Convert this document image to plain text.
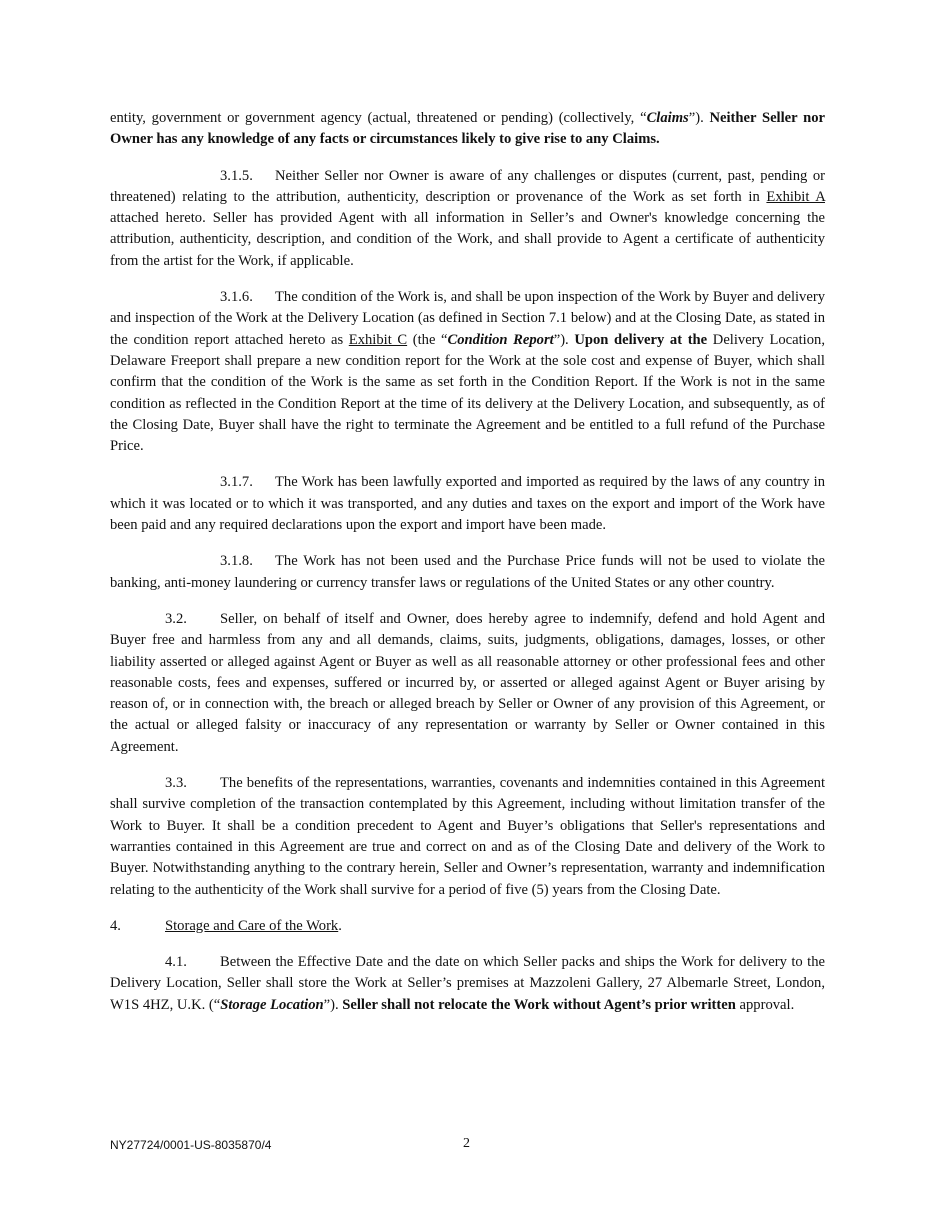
entity, government or government agency (actual, threatened or pending) (collectively, “Claims”). Neither Seller nor Owner has any knowledge of any facts or circumstances likely to give rise to any Claims.

3.1.5. Neither Seller nor Owner is aware of any challenges or disputes (current, past, pending or threatened) relating to the attribution, authenticity, description or provenance of the Work as set forth in Exhibit A attached hereto. Seller has provided Agent with all information in Seller’s and Owner's knowledge concerning the attribution, authenticity, description, and condition of the Work, and shall provide to Agent a certificate of authenticity from the artist for the Work, if applicable.

3.1.6. The condition of the Work is, and shall be upon inspection of the Work by Buyer and delivery and inspection of the Work at the Delivery Location (as defined in Section 7.1 below) and at the Closing Date, as stated in the condition report attached hereto as Exhibit C (the “Condition Report”). Upon delivery at the Delivery Location, Delaware Freeport shall prepare a new condition report for the Work at the sole cost and expense of Buyer, which shall confirm that the condition of the Work is the same as set forth in the Condition Report. If the Work is not in the same condition as reflected in the Condition Report at the time of its delivery at the Delivery Location, and subsequently, as of the Closing Date, Buyer shall have the right to terminate the Agreement and be entitled to a full refund of the Purchase Price.

3.1.7. The Work has been lawfully exported and imported as required by the laws of any country in which it was located or to which it was transported, and any duties and taxes on the export and import of the Work have been paid and any required declarations upon the export and import have been made.

3.1.8. The Work has not been used and the Purchase Price funds will not be used to violate the banking, anti-money laundering or currency transfer laws or regulations of the United States or any other country.

3.2. Seller, on behalf of itself and Owner, does hereby agree to indemnify, defend and hold Agent and Buyer free and harmless from any and all demands, claims, suits, judgments, obligations, damages, losses, or other liability asserted or alleged against Agent or Buyer as well as all reasonable attorney or other professional fees and other reasonable costs, fees and expenses, suffered or incurred by, or asserted or alleged against Agent or Buyer arising by reason of, or in connection with, the breach or alleged breach by Seller or Owner of any provision of this Agreement, or the actual or alleged falsity or inaccuracy of any representation or warranty by Seller or Owner contained in this Agreement.

3.3. The benefits of the representations, warranties, covenants and indemnities contained in this Agreement shall survive completion of the transaction contemplated by this Agreement, including without limitation transfer of the Work to Buyer. It shall be a condition precedent to Agent and Buyer’s obligations that Seller's representations and warranties contained in this Agreement are true and correct on and as of the Closing Date and delivery of the Work to Buyer. Notwithstanding anything to the contrary herein, Seller and Owner’s representation, warranty and indemnification relating to the authenticity of the Work shall survive for a period of five (5) years from the Closing Date.

4.	Storage and Care of the Work.

4.1. Between the Effective Date and the date on which Seller packs and ships the Work for delivery to the Delivery Location, Seller shall store the Work at Seller’s premises at Mazzoleni Gallery, 27 Albemarle Street, London, W1S 4HZ, U.K. (“Storage Location”). Seller shall not relocate the Work without Agent’s prior written approval.

NY27724/0001-US-8035870/4	2
